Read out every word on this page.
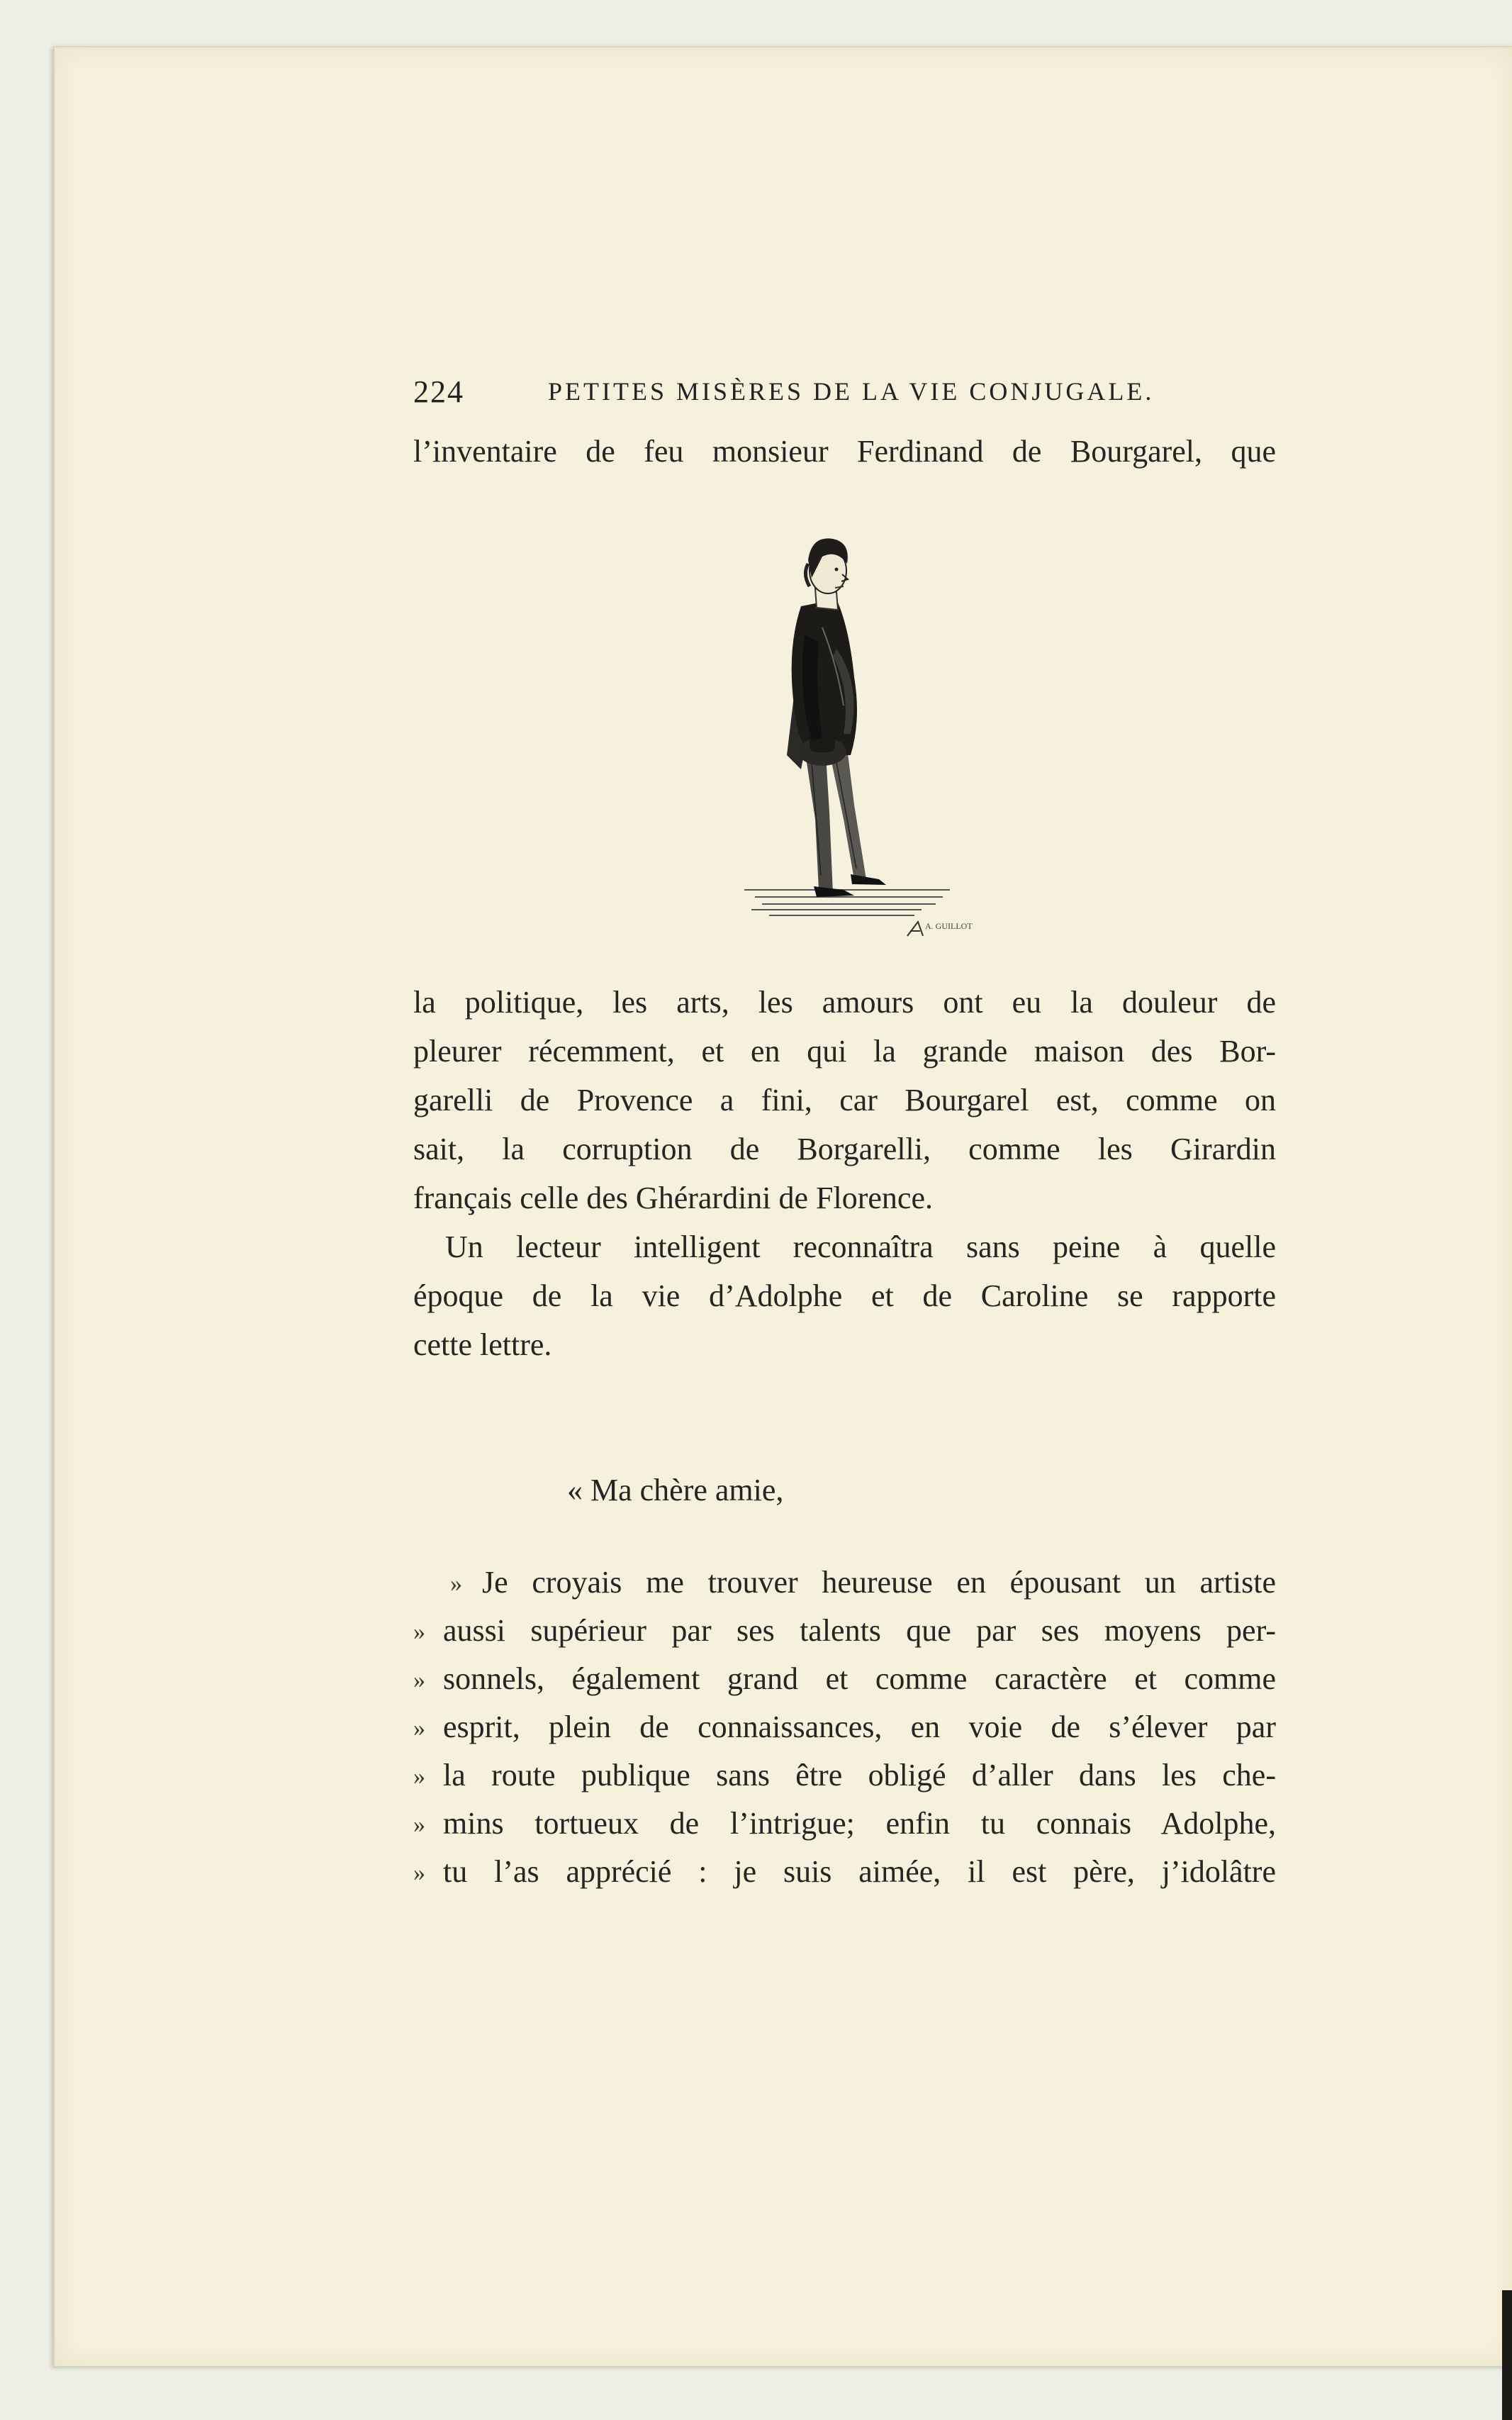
224	PETITES MISÈRES DE LA VIE CONJUGALE.
l’inventaire de feu monsieur Ferdinand de Bourgarel, que
A. GUILLOT
la politique, les arts, les amours ont eu la douleur de
pleurer récemment, et en qui la grande maison des Bor-
garelli de Provence a fini, car Bourgarel est, comme on
sait, la corruption de Borgarelli, comme les Girardin
français celle des Ghérardini de Florence.
Un lecteur intelligent reconnaîtra sans peine à quelle
époque de la vie d’Adolphe et de Caroline se rapporte
cette lettre.
« Ma chère amie,
» Je croyais me trouver heureuse en épousant un artiste
» aussi supérieur par ses talents que par ses moyens per-
» sonnels, également grand et comme caractère et comme
» esprit, plein de connaissances, en voie de s’élever par
» la route publique sans être obligé d’aller dans les che-
» mins tortueux de l’intrigue; enfin tu connais Adolphe,
» tu l’as apprécié : je suis aimée, il est père, j’idolâtre
